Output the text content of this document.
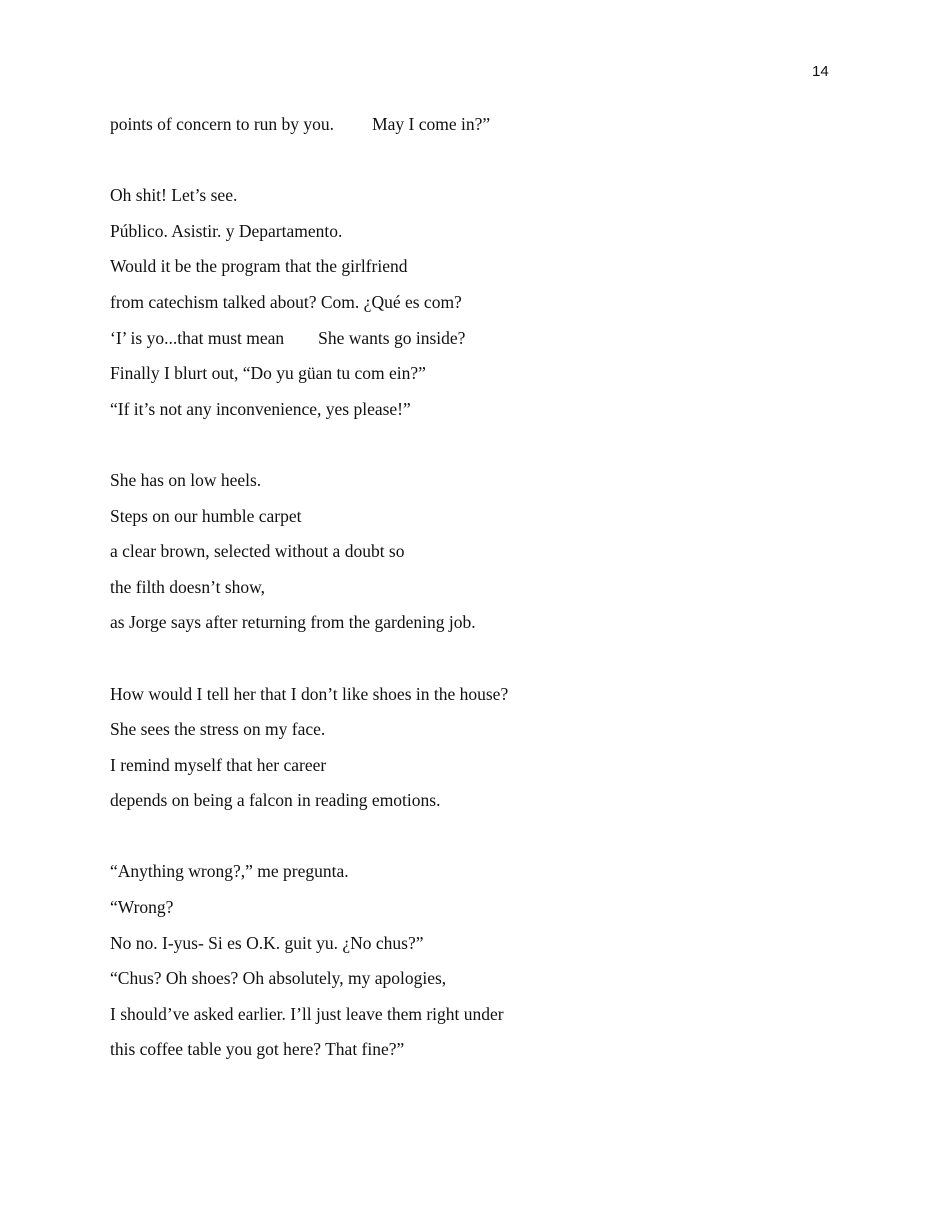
14
points of concern to run by you. May I come in?”
Oh shit! Let’s see.
Público. Asistir. y Departamento.
Would it be the program that the girlfriend
from catechism talked about? Com. ¿Qué es com?
‘I’ is yo...that must mean She wants go inside?
Finally I blurt out, “Do yu güan tu com ein?”
“If it’s not any inconvenience, yes please!”
She has on low heels.
Steps on our humble carpet
a clear brown, selected without a doubt so
the filth doesn’t show,
as Jorge says after returning from the gardening job.
How would I tell her that I don’t like shoes in the house?
She sees the stress on my face.
I remind myself that her career
depends on being a falcon in reading emotions.
“Anything wrong?,” me pregunta.
“Wrong?
No no. I-yus- Si es O.K. guit yu. ¿No chus?”
“Chus? Oh shoes? Oh absolutely, my apologies,
I should’ve asked earlier. I’ll just leave them right under
this coffee table you got here? That fine?”
